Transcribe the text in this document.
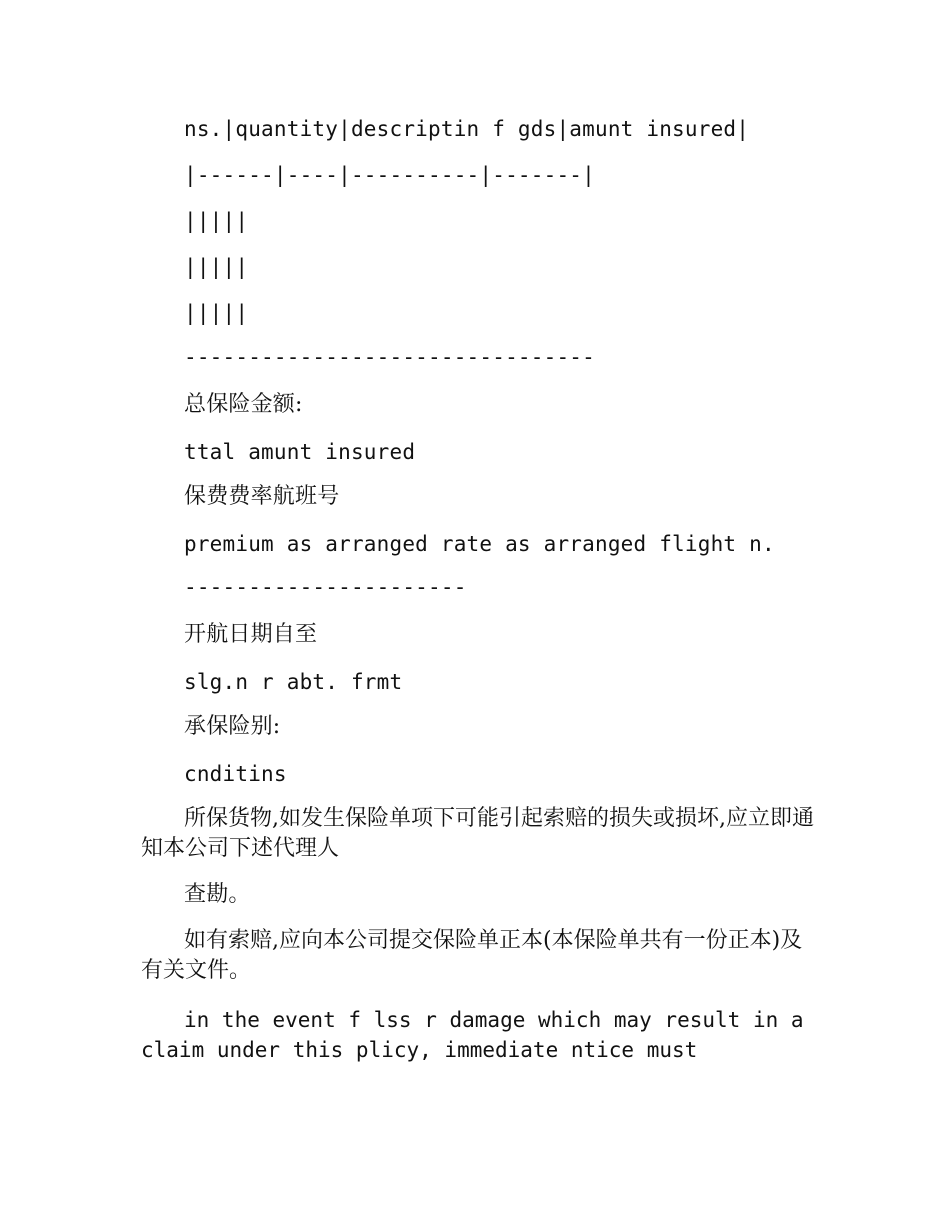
ns.|quantity|descriptin f gds|amunt insured|
|------|----|----------|-------|
|||||
|||||
|||||
--------------------------------
总保险金额:
ttal amunt insured
保费费率航班号
premium as arranged rate as arranged flight n.
----------------------
开航日期自至
slg.n r abt. frmt
承保险别:
cnditins
所保货物,如发生保险单项下可能引起索赔的损失或损坏,应立即通知本公司下述代理人
查勘。
如有索赔,应向本公司提交保险单正本(本保险单共有一份正本)及有关文件。
in the event f lss r damage which may result in a claim under this plicy, immediate ntice must
